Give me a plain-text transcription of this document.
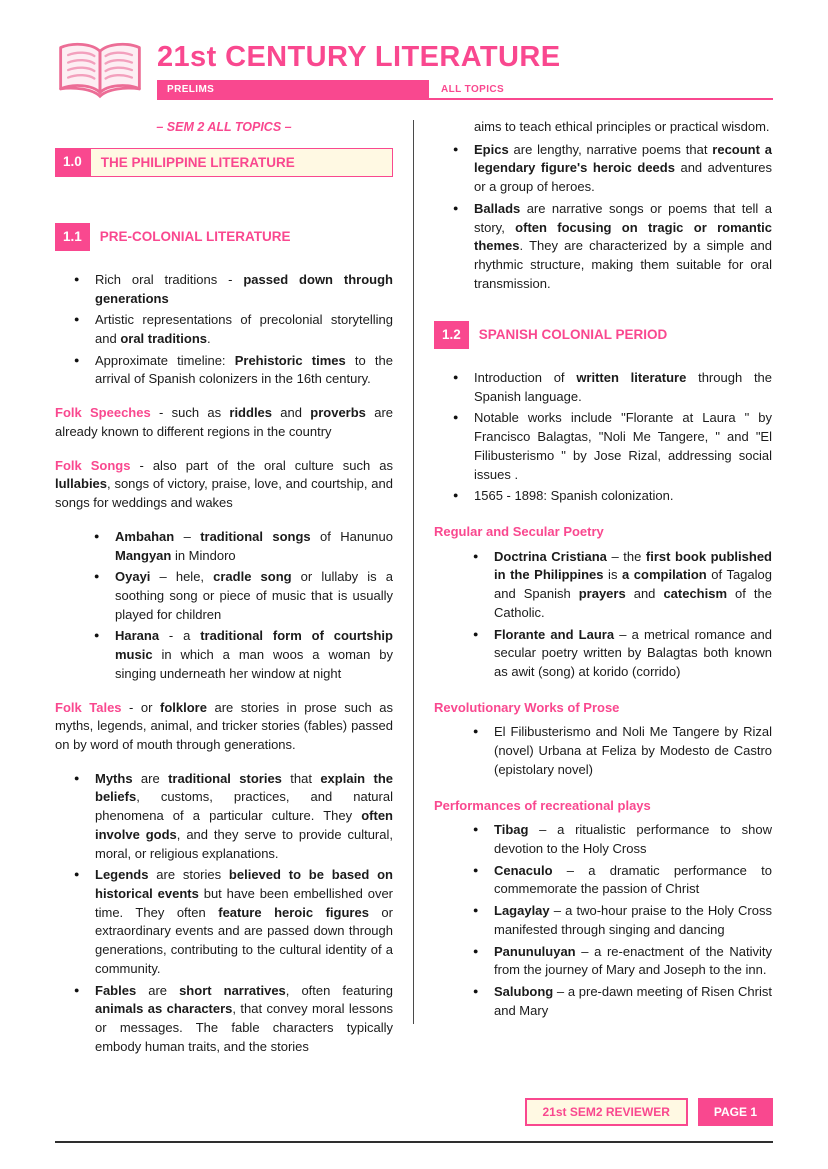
21st CENTURY LITERATURE
PRELIMS	ALL TOPICS
– SEM 2 ALL TOPICS –
1.0	THE PHILIPPINE LITERATURE
1.1	PRE-COLONIAL LITERATURE
● Rich oral traditions - passed down through generations
● Artistic representations of precolonial storytelling and oral traditions.
● Approximate timeline: Prehistoric times to the arrival of Spanish colonizers in the 16th century.
Folk Speeches - such as riddles and proverbs are already known to different regions in the country
Folk Songs - also part of the oral culture such as lullabies, songs of victory, praise, love, and courtship, and songs for weddings and wakes
● Ambahan – traditional songs of Hanunuo Mangyan in Mindoro
● Oyayi – hele, cradle song or lullaby is a soothing song or piece of music that is usually played for children
● Harana - a traditional form of courtship music in which a man woos a woman by singing underneath her window at night
Folk Tales - or folklore are stories in prose such as myths, legends, animal, and tricker stories (fables) passed on by word of mouth through generations.
● Myths are traditional stories that explain the beliefs, customs, practices, and natural phenomena of a particular culture. They often involve gods, and they serve to provide cultural, moral, or religious explanations.
● Legends are stories believed to be based on historical events but have been embellished over time. They often feature heroic figures or extraordinary events and are passed down through generations, contributing to the cultural identity of a community.
● Fables are short narratives, often featuring animals as characters, that convey moral lessons or messages. The fable characters typically embody human traits, and the stories
aims to teach ethical principles or practical wisdom.
● Epics are lengthy, narrative poems that recount a legendary figure's heroic deeds and adventures or a group of heroes.
● Ballads are narrative songs or poems that tell a story, often focusing on tragic or romantic themes. They are characterized by a simple and rhythmic structure, making them suitable for oral transmission.
1.2	SPANISH COLONIAL PERIOD
● Introduction of written literature through the Spanish language.
● Notable works include "Florante at Laura " by Francisco Balagtas, "Noli Me Tangere, " and "El Filibusterismo " by Jose Rizal, addressing social issues .
● 1565 - 1898: Spanish colonization.
Regular and Secular Poetry
● Doctrina Cristiana – the first book published in the Philippines is a compilation of Tagalog and Spanish prayers and catechism of the Catholic.
● Florante and Laura – a metrical romance and secular poetry written by Balagtas both known as awit (song) at korido (corrido)
Revolutionary Works of Prose
● El Filibusterismo and Noli Me Tangere by Rizal (novel) Urbana at Feliza by Modesto de Castro (epistolary novel)
Performances of recreational plays
● Tibag – a ritualistic performance to show devotion to the Holy Cross
● Cenaculo – a dramatic performance to commemorate the passion of Christ
● Lagaylay – a two-hour praise to the Holy Cross manifested through singing and dancing
● Panunuluyan – a re-enactment of the Nativity from the journey of Mary and Joseph to the inn.
● Salubong – a pre-dawn meeting of Risen Christ and Mary
21st SEM2 REVIEWER	PAGE 1
